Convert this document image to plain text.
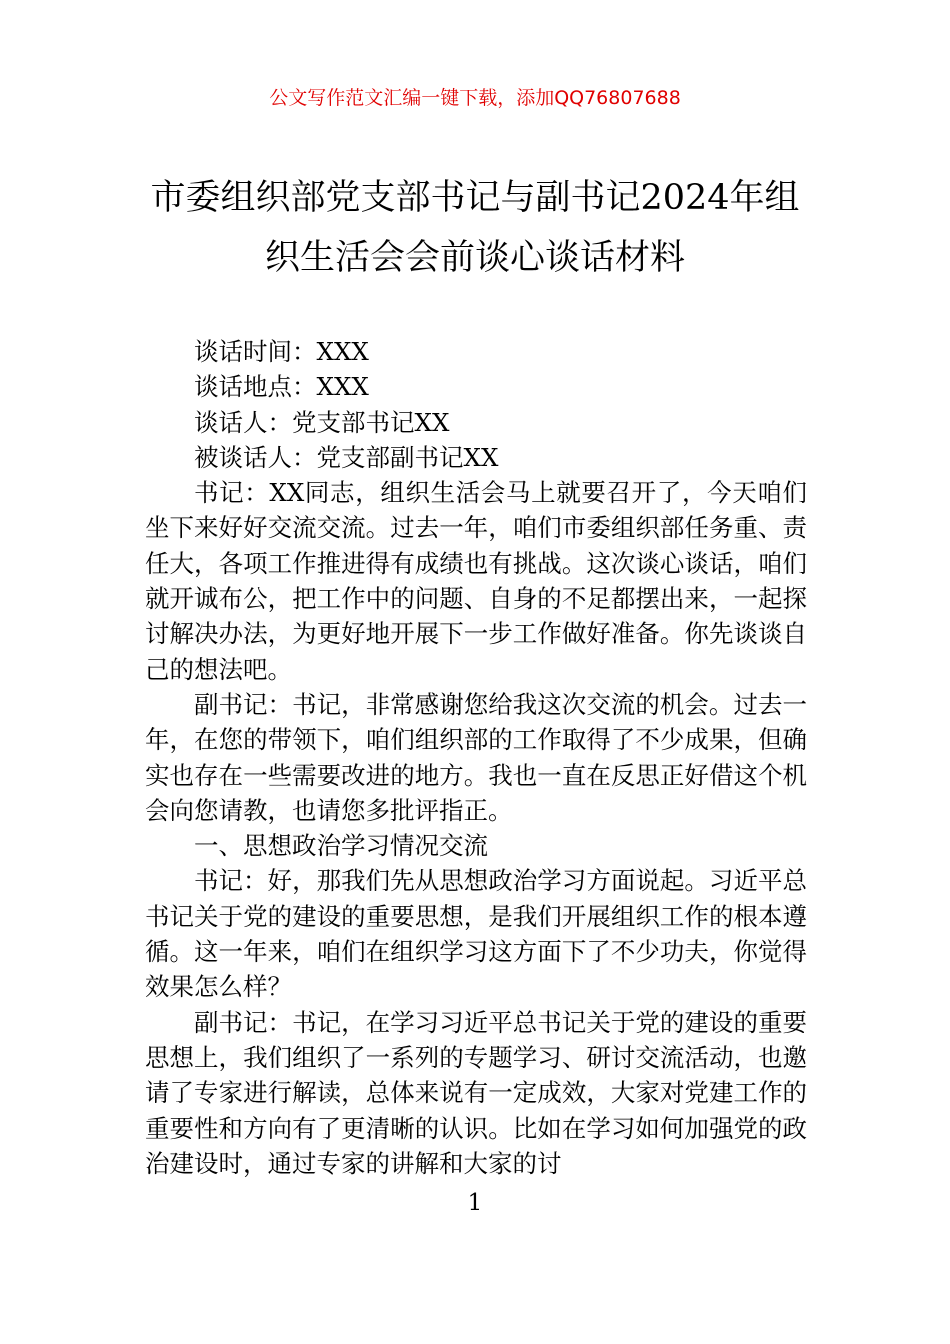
公文写作范文汇编一键下载，添加QQ76807688
市委组织部党支部书记与副书记2024年组织生活会会前谈心谈话材料

谈话时间：XXX

谈话地点：XXX

谈话人：党支部书记XX

被谈话人：党支部副书记XX

书记：XX同志，组织生活会马上就要召开了，今天咱们坐下来好好交流交流。过去一年，咱们市委组织部任务重、责任大，各项工作推进得有成绩也有挑战。这次谈心谈话，咱们就开诚布公，把工作中的问题、自身的不足都摆出来，一起探讨解决办法，为更好地开展下一步工作做好准备。你先谈谈自己的想法吧。

副书记：书记，非常感谢您给我这次交流的机会。过去一年，在您的带领下，咱们组织部的工作取得了不少成果，但确实也存在一些需要改进的地方。我也一直在反思正好借这个机会向您请教，也请您多批评指正。

一、思想政治学习情况交流

书记：好，那我们先从思想政治学习方面说起。习近平总书记关于党的建设的重要思想，是我们开展组织工作的根本遵循。这一年来，咱们在组织学习这方面下了不少功夫，你觉得效果怎么样？

副书记：书记，在学习习近平总书记关于党的建设的重要思想上，我们组织了一系列的专题学习、研讨交流活动，也邀请了专家进行解读，总体来说有一定成效，大家对党建工作的重要性和方向有了更清晰的认识。比如在学习如何加强党的政治建设时，通过专家的讲解和大家的讨

1
